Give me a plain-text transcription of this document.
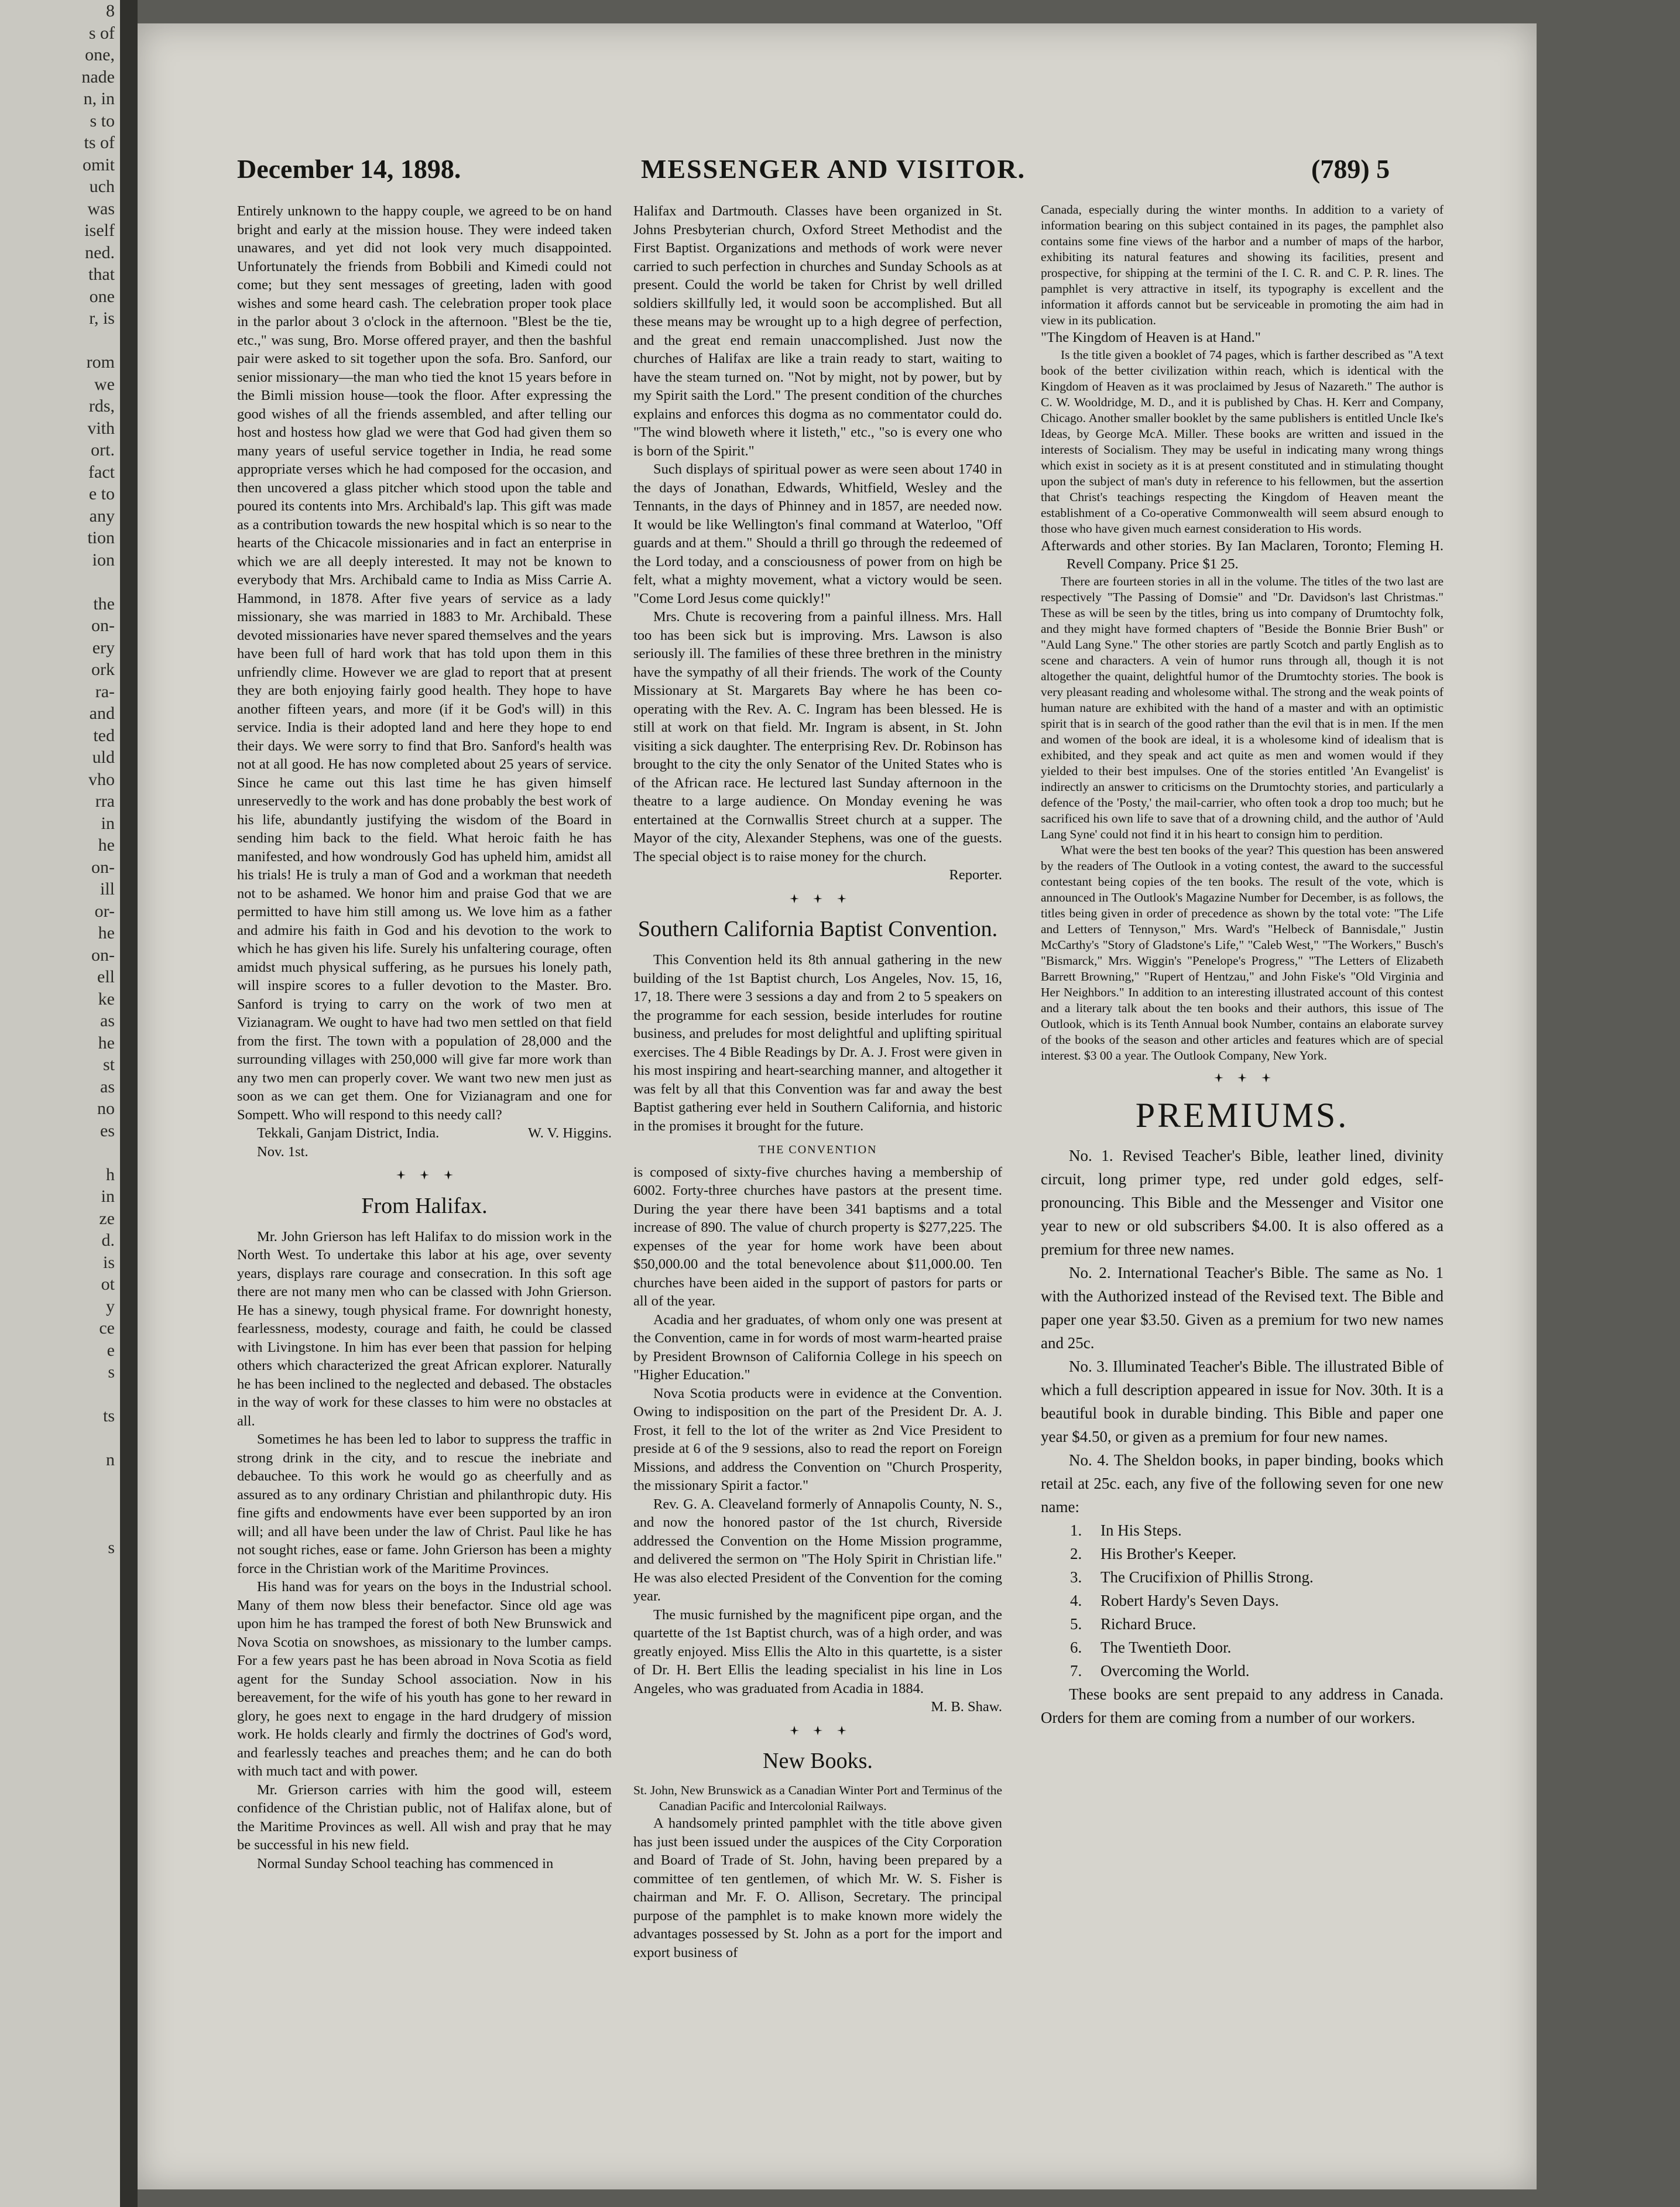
8
s of
one,
nade
n, in
s to
ts of
omit
uch
was
iself
ned.
that
one
r, is

rom
we
rds,
vith
ort.
fact
e to
any
tion
ion

the
on-
ery
ork
ra-
and
ted
uld
vho
rra
in
he
on-
ill
or-
he
on-
ell
ke
as
he
st
as
no
es

h
in
ze
d.
is
ot
y
ce
e
s

ts

n

s

December 14, 1898.	MESSENGER AND VISITOR.	(789) 5

Entirely unknown to the happy couple, we agreed to be on hand bright and early at the mission house. They were indeed taken unawares, and yet did not look very much disappointed. Unfortunately the friends from Bobbili and Kimedi could not come; but they sent messages of greeting, laden with good wishes and some heard cash. The celebration proper took place in the parlor about 3 o'clock in the afternoon. "Blest be the tie, etc.," was sung, Bro. Morse offered prayer, and then the bashful pair were asked to sit together upon the sofa. Bro. Sanford, our senior missionary—the man who tied the knot 15 years before in the Bimli mission house—took the floor. After expressing the good wishes of all the friends assembled, and after telling our host and hostess how glad we were that God had given them so many years of useful service together in India, he read some appropriate verses which he had composed for the occasion, and then uncovered a glass pitcher which stood upon the table and poured its contents into Mrs. Archibald's lap. This gift was made as a contribution towards the new hospital which is so near to the hearts of the Chicacole missionaries and in fact an enterprise in which we are all deeply interested. It may not be known to everybody that Mrs. Archibald came to India as Miss Carrie A. Hammond, in 1878. After five years of service as a lady missionary, she was married in 1883 to Mr. Archibald. These devoted missionaries have never spared themselves and the years have been full of hard work that has told upon them in this unfriendly clime. However we are glad to report that at present they are both enjoying fairly good health. They hope to have another fifteen years, and more (if it be God's will) in this service. India is their adopted land and here they hope to end their days. We were sorry to find that Bro. Sanford's health was not at all good. He has now completed about 25 years of service. Since he came out this last time he has given himself unreservedly to the work and has done probably the best work of his life, abundantly justifying the wisdom of the Board in sending him back to the field. What heroic faith he has manifested, and how wondrously God has upheld him, amidst all his trials! He is truly a man of God and a workman that needeth not to be ashamed. We honor him and praise God that we are permitted to have him still among us. We love him as a father and admire his faith in God and his devotion to the work to which he has given his life. Surely his unfaltering courage, often amidst much physical suffering, as he pursues his lonely path, will inspire scores to a fuller devotion to the Master. Bro. Sanford is trying to carry on the work of two men at Vizianagram. We ought to have had two men settled on that field from the first. The town with a population of 28,000 and the surrounding villages with 250,000 will give far more work than any two men can properly cover. We want two new men just as soon as we can get them. One for Vizianagram and one for Sompett. Who will respond to this needy call?

Tekkali, Ganjam District, India.	W. V. Higgins.

Nov. 1st.

From Halifax.

Mr. John Grierson has left Halifax to do mission work in the North West. To undertake this labor at his age, over seventy years, displays rare courage and consecration. In this soft age there are not many men who can be classed with John Grierson. He has a sinewy, tough physical frame. For downright honesty, fearlessness, modesty, courage and faith, he could be classed with Livingstone. In him has ever been that passion for helping others which characterized the great African explorer. Naturally he has been inclined to the neglected and debased. The obstacles in the way of work for these classes to him were no obstacles at all.

Sometimes he has been led to labor to suppress the traffic in strong drink in the city, and to rescue the inebriate and debauchee. To this work he would go as cheerfully and as assured as to any ordinary Christian and philanthropic duty. His fine gifts and endowments have ever been supported by an iron will; and all have been under the law of Christ. Paul like he has not sought riches, ease or fame. John Grierson has been a mighty force in the Christian work of the Maritime Provinces.

His hand was for years on the boys in the Industrial school. Many of them now bless their benefactor. Since old age was upon him he has tramped the forest of both New Brunswick and Nova Scotia on snowshoes, as missionary to the lumber camps. For a few years past he has been abroad in Nova Scotia as field agent for the Sunday School association. Now in his bereavement, for the wife of his youth has gone to her reward in glory, he goes next to engage in the hard drudgery of mission work. He holds clearly and firmly the doctrines of God's word, and fearlessly teaches and preaches them; and he can do both with much tact and with power.

Mr. Grierson carries with him the good will, esteem confidence of the Christian public, not of Halifax alone, but of the Maritime Provinces as well. All wish and pray that he may be successful in his new field.

Normal Sunday School teaching has commenced in

Halifax and Dartmouth. Classes have been organized in St. Johns Presbyterian church, Oxford Street Methodist and the First Baptist. Organizations and methods of work were never carried to such perfection in churches and Sunday Schools as at present. Could the world be taken for Christ by well drilled soldiers skillfully led, it would soon be accomplished. But all these means may be wrought up to a high degree of perfection, and the great end remain unaccomplished. Just now the churches of Halifax are like a train ready to start, waiting to have the steam turned on. "Not by might, not by power, but by my Spirit saith the Lord." The present condition of the churches explains and enforces this dogma as no commentator could do. "The wind bloweth where it listeth," etc., "so is every one who is born of the Spirit."

Such displays of spiritual power as were seen about 1740 in the days of Jonathan, Edwards, Whitfield, Wesley and the Tennants, in the days of Phinney and in 1857, are needed now. It would be like Wellington's final command at Waterloo, "Off guards and at them." Should a thrill go through the redeemed of the Lord today, and a consciousness of power from on high be felt, what a mighty movement, what a victory would be seen. "Come Lord Jesus come quickly!"

Mrs. Chute is recovering from a painful illness. Mrs. Hall too has been sick but is improving. Mrs. Lawson is also seriously ill. The families of these three brethren in the ministry have the sympathy of all their friends. The work of the County Missionary at St. Margarets Bay where he has been co-operating with the Rev. A. C. Ingram has been blessed. He is still at work on that field. Mr. Ingram is absent, in St. John visiting a sick daughter. The enterprising Rev. Dr. Robinson has brought to the city the only Senator of the United States who is of the African race. He lectured last Sunday afternoon in the theatre to a large audience. On Monday evening he was entertained at the Cornwallis Street church at a supper. The Mayor of the city, Alexander Stephens, was one of the guests. The special object is to raise money for the church.

Reporter.

Southern California Baptist Convention.

This Convention held its 8th annual gathering in the new building of the 1st Baptist church, Los Angeles, Nov. 15, 16, 17, 18. There were 3 sessions a day and from 2 to 5 speakers on the programme for each session, beside interludes for routine business, and preludes for most delightful and uplifting spiritual exercises. The 4 Bible Readings by Dr. A. J. Frost were given in his most inspiring and heart-searching manner, and altogether it was felt by all that this Convention was far and away the best Baptist gathering ever held in Southern California, and historic in the promises it brought for the future.

THE CONVENTION

is composed of sixty-five churches having a membership of 6002. Forty-three churches have pastors at the present time. During the year there have been 341 baptisms and a total increase of 890. The value of church property is $277,225. The expenses of the year for home work have been about $50,000.00 and the total benevolence about $11,000.00. Ten churches have been aided in the support of pastors for parts or all of the year.

Acadia and her graduates, of whom only one was present at the Convention, came in for words of most warm-hearted praise by President Brownson of California College in his speech on "Higher Education."

Nova Scotia products were in evidence at the Convention. Owing to indisposition on the part of the President Dr. A. J. Frost, it fell to the lot of the writer as 2nd Vice President to preside at 6 of the 9 sessions, also to read the report on Foreign Missions, and address the Convention on "Church Prosperity, the missionary Spirit a factor."

Rev. G. A. Cleaveland formerly of Annapolis County, N. S., and now the honored pastor of the 1st church, Riverside addressed the Convention on the Home Mission programme, and delivered the sermon on "The Holy Spirit in Christian life." He was also elected President of the Convention for the coming year.

The music furnished by the magnificent pipe organ, and the quartette of the 1st Baptist church, was of a high order, and was greatly enjoyed. Miss Ellis the Alto in this quartette, is a sister of Dr. H. Bert Ellis the leading specialist in his line in Los Angeles, who was graduated from Acadia in 1884.

M. B. Shaw.

New Books.

St. John, New Brunswick as a Canadian Winter Port and Terminus of the Canadian Pacific and Intercolonial Railways.

A handsomely printed pamphlet with the title above given has just been issued under the auspices of the City Corporation and Board of Trade of St. John, having been prepared by a committee of ten gentlemen, of which Mr. W. S. Fisher is chairman and Mr. F. O. Allison, Secretary. The principal purpose of the pamphlet is to make known more widely the advantages possessed by St. John as a port for the import and export business of

Canada, especially during the winter months. In addition to a variety of information bearing on this subject contained in its pages, the pamphlet also contains some fine views of the harbor and a number of maps of the harbor, exhibiting its natural features and showing its facilities, present and prospective, for shipping at the termini of the I. C. R. and C. P. R. lines. The pamphlet is very attractive in itself, its typography is excellent and the information it affords cannot but be serviceable in promoting the aim had in view in its publication.

"The Kingdom of Heaven is at Hand."

Is the title given a booklet of 74 pages, which is farther described as "A text book of the better civilization within reach, which is identical with the Kingdom of Heaven as it was proclaimed by Jesus of Nazareth." The author is C. W. Wooldridge, M. D., and it is published by Chas. H. Kerr and Company, Chicago. Another smaller booklet by the same publishers is entitled Uncle Ike's Ideas, by George McA. Miller. These books are written and issued in the interests of Socialism. They may be useful in indicating many wrong things which exist in society as it is at present constituted and in stimulating thought upon the subject of man's duty in reference to his fellowmen, but the assertion that Christ's teachings respecting the Kingdom of Heaven meant the establishment of a Co-operative Commonwealth will seem absurd enough to those who have given much earnest consideration to His words.

Afterwards and other stories. By Ian Maclaren, Toronto; Fleming H. Revell Company. Price $1 25.

There are fourteen stories in all in the volume. The titles of the two last are respectively "The Passing of Domsie" and "Dr. Davidson's last Christmas." These as will be seen by the titles, bring us into company of Drumtochty folk, and they might have formed chapters of "Beside the Bonnie Brier Bush" or "Auld Lang Syne." The other stories are partly Scotch and partly English as to scene and characters. A vein of humor runs through all, though it is not altogether the quaint, delightful humor of the Drumtochty stories. The book is very pleasant reading and wholesome withal. The strong and the weak points of human nature are exhibited with the hand of a master and with an optimistic spirit that is in search of the good rather than the evil that is in men. If the men and women of the book are ideal, it is a wholesome kind of idealism that is exhibited, and they speak and act quite as men and women would if they yielded to their best impulses. One of the stories entitled 'An Evangelist' is indirectly an answer to criticisms on the Drumtochty stories, and particularly a defence of the 'Posty,' the mail-carrier, who often took a drop too much; but he sacrificed his own life to save that of a drowning child, and the author of 'Auld Lang Syne' could not find it in his heart to consign him to perdition.

What were the best ten books of the year? This question has been answered by the readers of The Outlook in a voting contest, the award to the successful contestant being copies of the ten books. The result of the vote, which is announced in The Outlook's Magazine Number for December, is as follows, the titles being given in order of precedence as shown by the total vote: "The Life and Letters of Tennyson," Mrs. Ward's "Helbeck of Bannisdale," Justin McCarthy's "Story of Gladstone's Life," "Caleb West," "The Workers," Busch's "Bismarck," Mrs. Wiggin's "Penelope's Progress," "The Letters of Elizabeth Barrett Browning," "Rupert of Hentzau," and John Fiske's "Old Virginia and Her Neighbors." In addition to an interesting illustrated account of this contest and a literary talk about the ten books and their authors, this issue of The Outlook, which is its Tenth Annual book Number, contains an elaborate survey of the books of the season and other articles and features which are of special interest. $3 00 a year. The Outlook Company, New York.

PREMIUMS.

No. 1. Revised Teacher's Bible, leather lined, divinity circuit, long primer type, red under gold edges, self-pronouncing. This Bible and the Messenger and Visitor one year to new or old subscribers $4.00. It is also offered as a premium for three new names.

No. 2. International Teacher's Bible. The same as No. 1 with the Authorized instead of the Revised text. The Bible and paper one year $3.50. Given as a premium for two new names and 25c.

No. 3. Illuminated Teacher's Bible. The illustrated Bible of which a full description appeared in issue for Nov. 30th. It is a beautiful book in durable binding. This Bible and paper one year $4.50, or given as a premium for four new names.

No. 4. The Sheldon books, in paper binding, books which retail at 25c. each, any five of the following seven for one new name:

1. In His Steps.
2. His Brother's Keeper.
3. The Crucifixion of Phillis Strong.
4. Robert Hardy's Seven Days.
5. Richard Bruce.
6. The Twentieth Door.
7. Overcoming the World.

These books are sent prepaid to any address in Canada. Orders for them are coming from a number of our workers.
